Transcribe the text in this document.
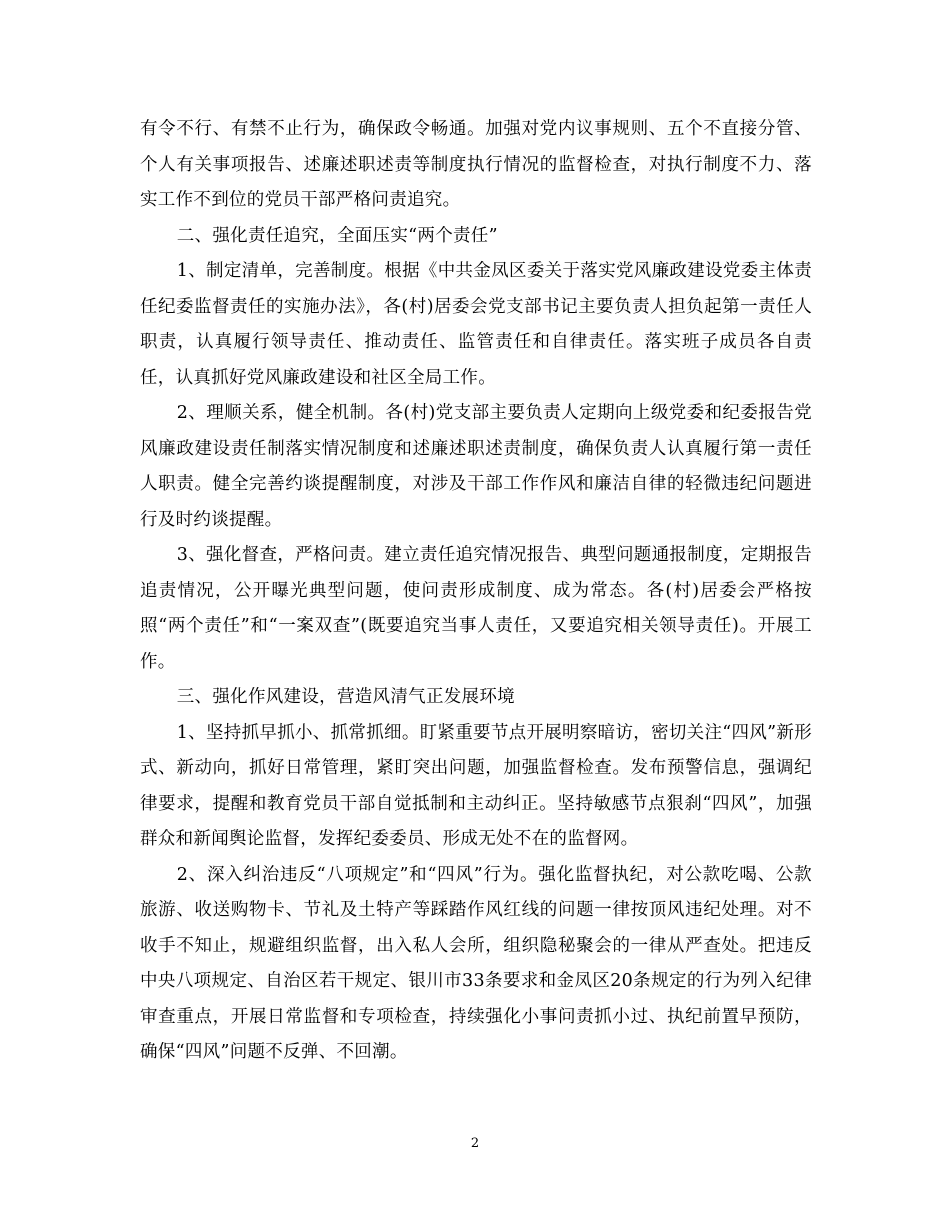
有令不行、有禁不止行为，确保政令畅通。加强对党内议事规则、五个不直接分管、个人有关事项报告、述廉述职述责等制度执行情况的监督检查，对执行制度不力、落实工作不到位的党员干部严格问责追究。

二、强化责任追究，全面压实“两个责任”

1、制定清单，完善制度。根据《中共金凤区委关于落实党风廉政建设党委主体责任纪委监督责任的实施办法》，各(村)居委会党支部书记主要负责人担负起第一责任人职责，认真履行领导责任、推动责任、监管责任和自律责任。落实班子成员各自责任，认真抓好党风廉政建设和社区全局工作。

2、理顺关系，健全机制。各(村)党支部主要负责人定期向上级党委和纪委报告党风廉政建设责任制落实情况制度和述廉述职述责制度，确保负责人认真履行第一责任人职责。健全完善约谈提醒制度，对涉及干部工作作风和廉洁自律的轻微违纪问题进行及时约谈提醒。

3、强化督查，严格问责。建立责任追究情况报告、典型问题通报制度，定期报告追责情况，公开曝光典型问题，使问责形成制度、成为常态。各(村)居委会严格按照“两个责任”和“一案双查”(既要追究当事人责任，又要追究相关领导责任)。开展工作。

三、强化作风建设，营造风清气正发展环境

1、坚持抓早抓小、抓常抓细。盯紧重要节点开展明察暗访，密切关注“四风”新形式、新动向，抓好日常管理，紧盯突出问题，加强监督检查。发布预警信息，强调纪律要求，提醒和教育党员干部自觉抵制和主动纠正。坚持敏感节点狠刹“四风”，加强群众和新闻舆论监督，发挥纪委委员、形成无处不在的监督网。

2、深入纠治违反“八项规定”和“四风”行为。强化监督执纪，对公款吃喝、公款旅游、收送购物卡、节礼及土特产等踩踏作风红线的问题一律按顶风违纪处理。对不收手不知止，规避组织监督，出入私人会所，组织隐秘聚会的一律从严查处。把违反中央八项规定、自治区若干规定、银川市33条要求和金凤区20条规定的行为列入纪律审查重点，开展日常监督和专项检查，持续强化小事问责抓小过、执纪前置早预防，确保“四风”问题不反弹、不回潮。

2
